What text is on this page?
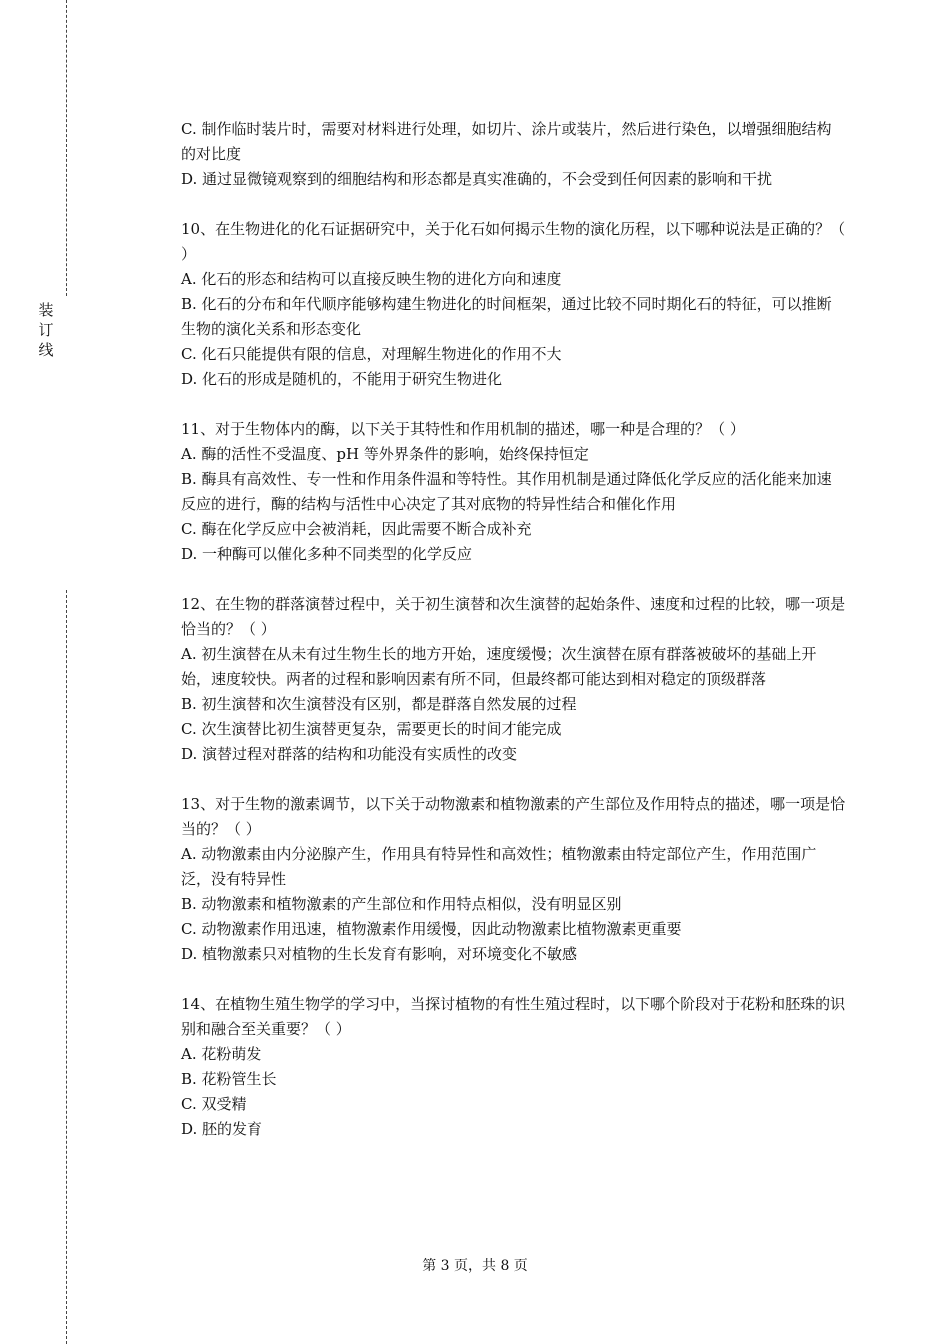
装
订
线

C. 制作临时装片时，需要对材料进行处理，如切片、涂片或装片，然后进行染色，以增强细胞结构的对比度

D. 通过显微镜观察到的细胞结构和形态都是真实准确的，不会受到任何因素的影响和干扰

10、在生物进化的化石证据研究中，关于化石如何揭示生物的演化历程，以下哪种说法是正确的？（ ）

A. 化石的形态和结构可以直接反映生物的进化方向和速度

B. 化石的分布和年代顺序能够构建生物进化的时间框架，通过比较不同时期化石的特征，可以推断生物的演化关系和形态变化

C. 化石只能提供有限的信息，对理解生物进化的作用不大

D. 化石的形成是随机的，不能用于研究生物进化

11、对于生物体内的酶，以下关于其特性和作用机制的描述，哪一种是合理的？（ ）

A. 酶的活性不受温度、pH 等外界条件的影响，始终保持恒定

B. 酶具有高效性、专一性和作用条件温和等特性。其作用机制是通过降低化学反应的活化能来加速反应的进行，酶的结构与活性中心决定了其对底物的特异性结合和催化作用

C. 酶在化学反应中会被消耗，因此需要不断合成补充

D. 一种酶可以催化多种不同类型的化学反应

12、在生物的群落演替过程中，关于初生演替和次生演替的起始条件、速度和过程的比较，哪一项是恰当的？（ ）

A. 初生演替在从未有过生物生长的地方开始，速度缓慢；次生演替在原有群落被破坏的基础上开始，速度较快。两者的过程和影响因素有所不同，但最终都可能达到相对稳定的顶级群落

B. 初生演替和次生演替没有区别，都是群落自然发展的过程

C. 次生演替比初生演替更复杂，需要更长的时间才能完成

D. 演替过程对群落的结构和功能没有实质性的改变

13、对于生物的激素调节，以下关于动物激素和植物激素的产生部位及作用特点的描述，哪一项是恰当的？（ ）

A. 动物激素由内分泌腺产生，作用具有特异性和高效性；植物激素由特定部位产生，作用范围广泛，没有特异性

B. 动物激素和植物激素的产生部位和作用特点相似，没有明显区别

C. 动物激素作用迅速，植物激素作用缓慢，因此动物激素比植物激素更重要

D. 植物激素只对植物的生长发育有影响，对环境变化不敏感

14、在植物生殖生物学的学习中，当探讨植物的有性生殖过程时，以下哪个阶段对于花粉和胚珠的识别和融合至关重要？（ ）

A. 花粉萌发

B. 花粉管生长

C. 双受精

D. 胚的发育

第 3 页，共 8 页
